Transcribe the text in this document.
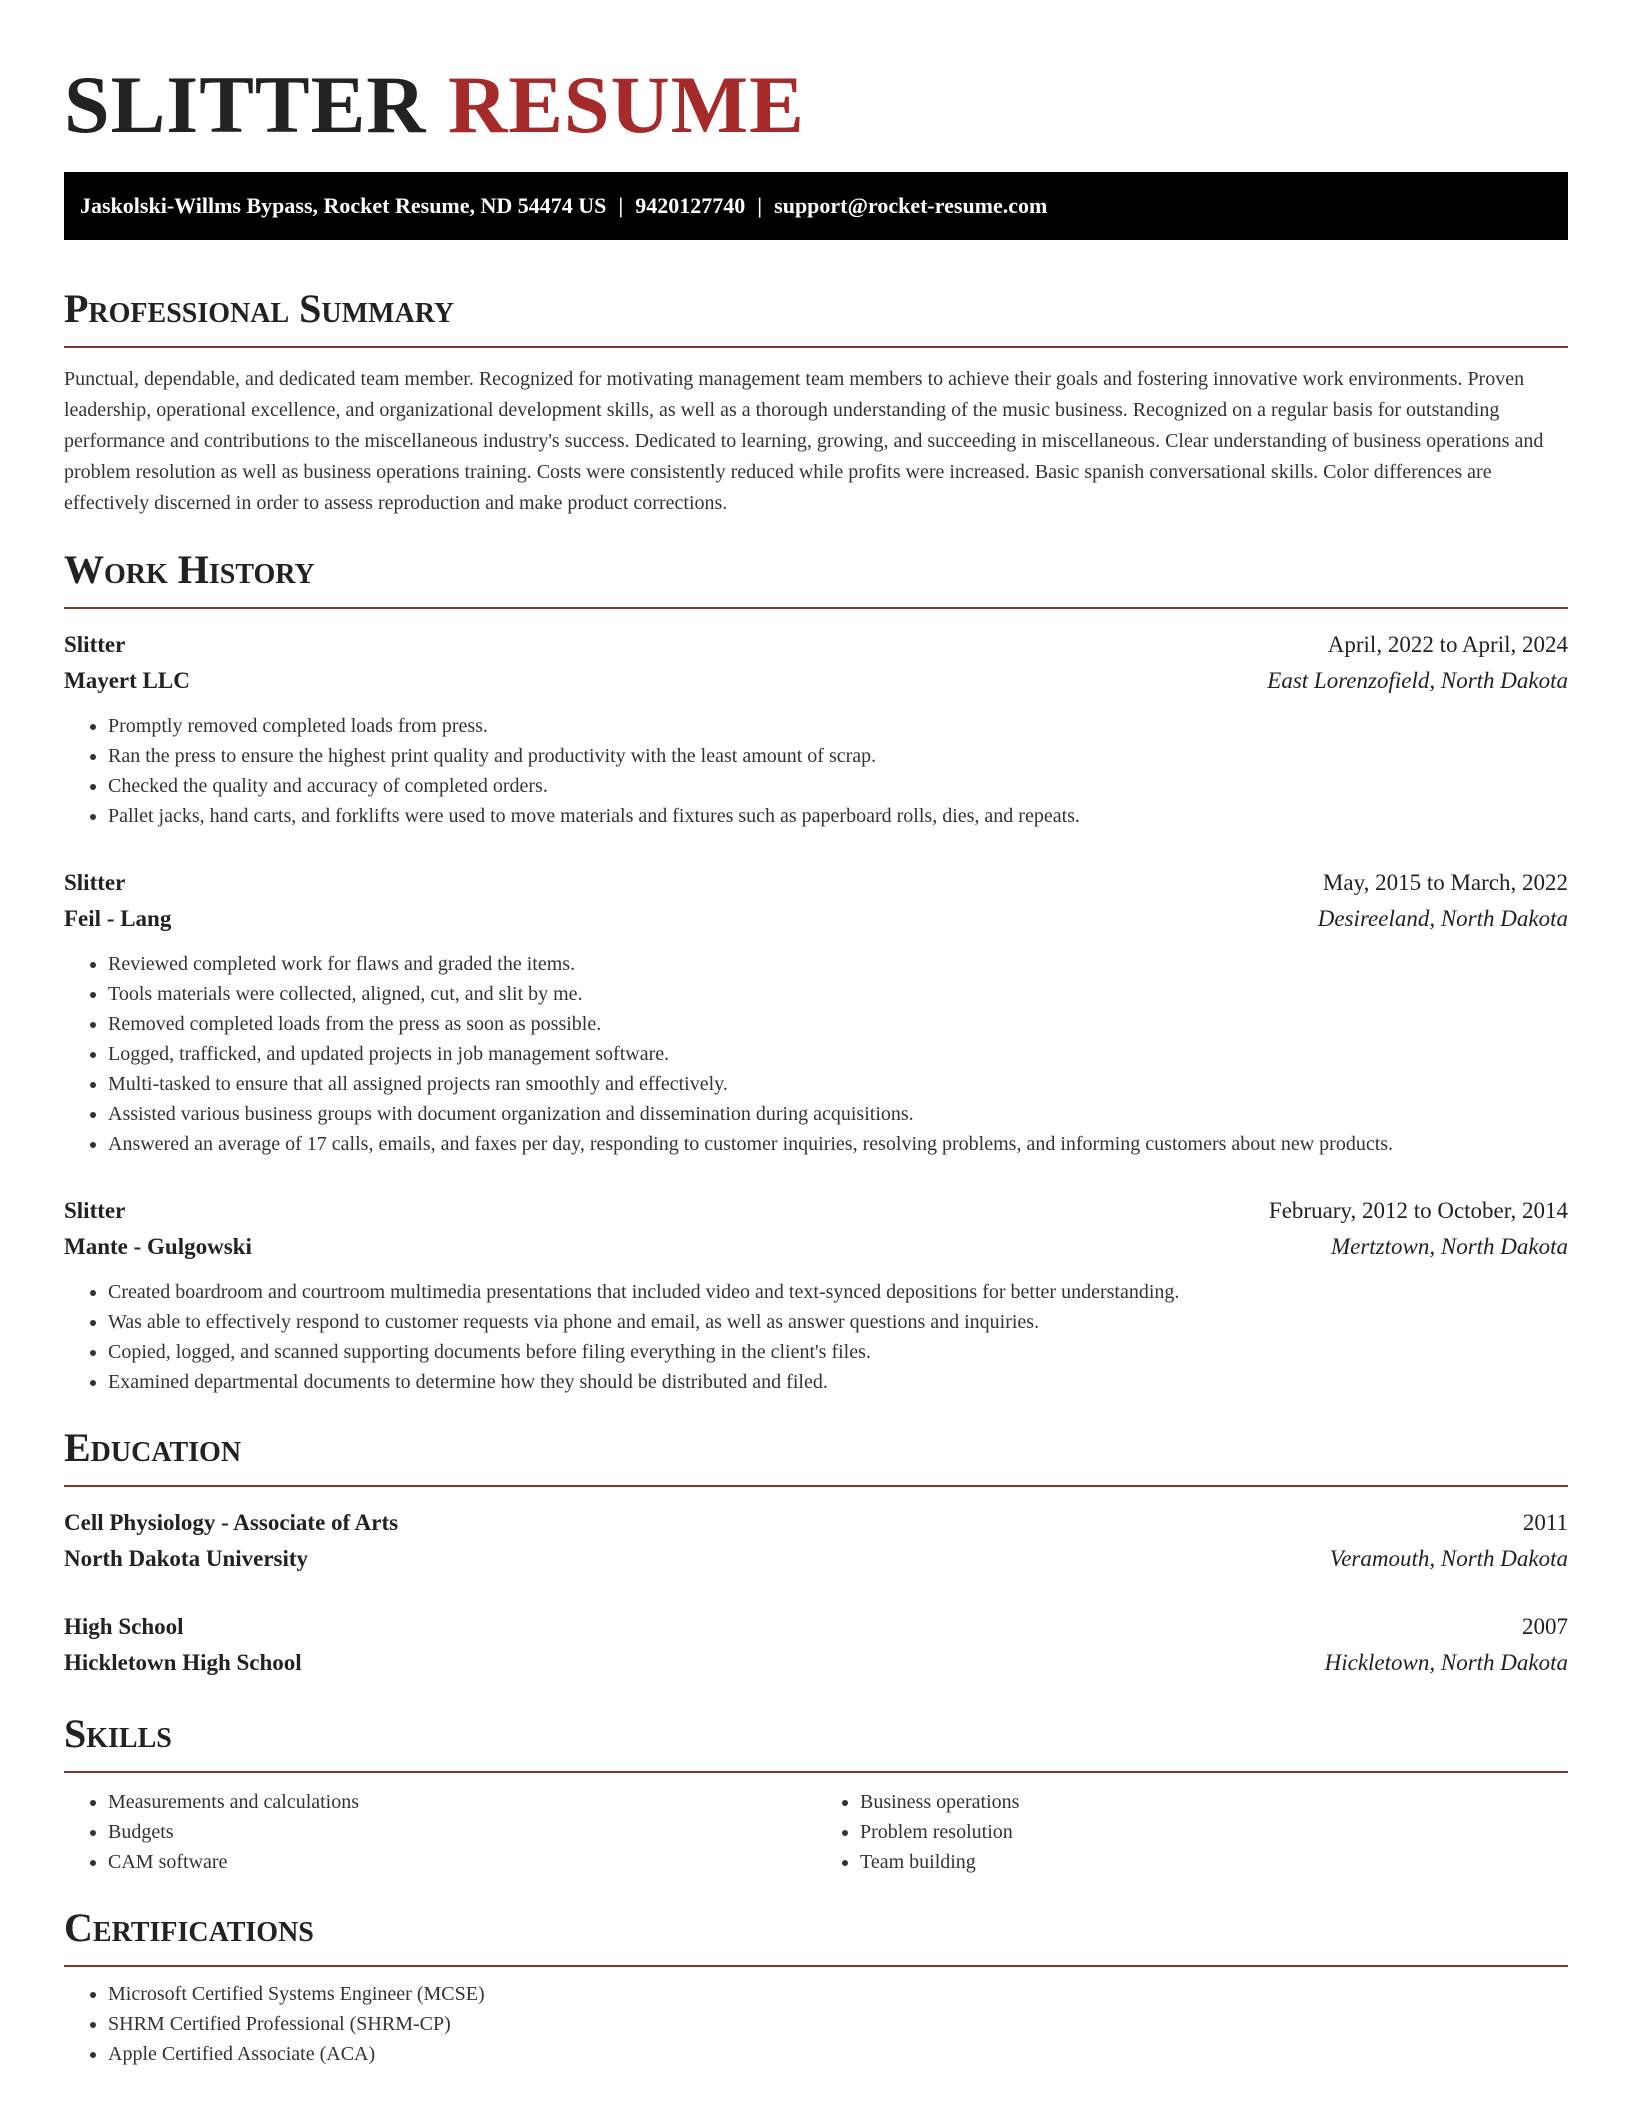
SLITTER RESUME
Jaskolski-Willms Bypass, Rocket Resume, ND 54474 US | 9420127740 | support@rocket-resume.com
Professional Summary

Punctual, dependable, and dedicated team member. Recognized for motivating management team members to achieve their goals and fostering innovative work environments. Proven leadership, operational excellence, and organizational development skills, as well as a thorough understanding of the music business. Recognized on a regular basis for outstanding performance and contributions to the miscellaneous industry's success. Dedicated to learning, growing, and succeeding in miscellaneous. Clear understanding of business operations and problem resolution as well as business operations training. Costs were consistently reduced while profits were increased. Basic spanish conversational skills. Color differences are effectively discerned in order to assess reproduction and make product corrections.

Work History
Slitter	April, 2022 to April, 2024
Mayert LLC	East Lorenzofield, North Dakota
• Promptly removed completed loads from press.
• Ran the press to ensure the highest print quality and productivity with the least amount of scrap.
• Checked the quality and accuracy of completed orders.
• Pallet jacks, hand carts, and forklifts were used to move materials and fixtures such as paperboard rolls, dies, and repeats.
Slitter	May, 2015 to March, 2022
Feil - Lang	Desireeland, North Dakota
• Reviewed completed work for flaws and graded the items.
• Tools materials were collected, aligned, cut, and slit by me.
• Removed completed loads from the press as soon as possible.
• Logged, trafficked, and updated projects in job management software.
• Multi-tasked to ensure that all assigned projects ran smoothly and effectively.
• Assisted various business groups with document organization and dissemination during acquisitions.
• Answered an average of 17 calls, emails, and faxes per day, responding to customer inquiries, resolving problems, and informing customers about new products.
Slitter	February, 2012 to October, 2014
Mante - Gulgowski	Mertztown, North Dakota
• Created boardroom and courtroom multimedia presentations that included video and text-synced depositions for better understanding.
• Was able to effectively respond to customer requests via phone and email, as well as answer questions and inquiries.
• Copied, logged, and scanned supporting documents before filing everything in the client's files.
• Examined departmental documents to determine how they should be distributed and filed.
Education
Cell Physiology - Associate of Arts	2011
North Dakota University	Veramouth, North Dakota
High School	2007
Hickletown High School	Hickletown, North Dakota
Skills
• Measurements and calculations
• Budgets
• CAM software
• Business operations
• Problem resolution
• Team building
Certifications
• Microsoft Certified Systems Engineer (MCSE)
• SHRM Certified Professional (SHRM-CP)
• Apple Certified Associate (ACA)
